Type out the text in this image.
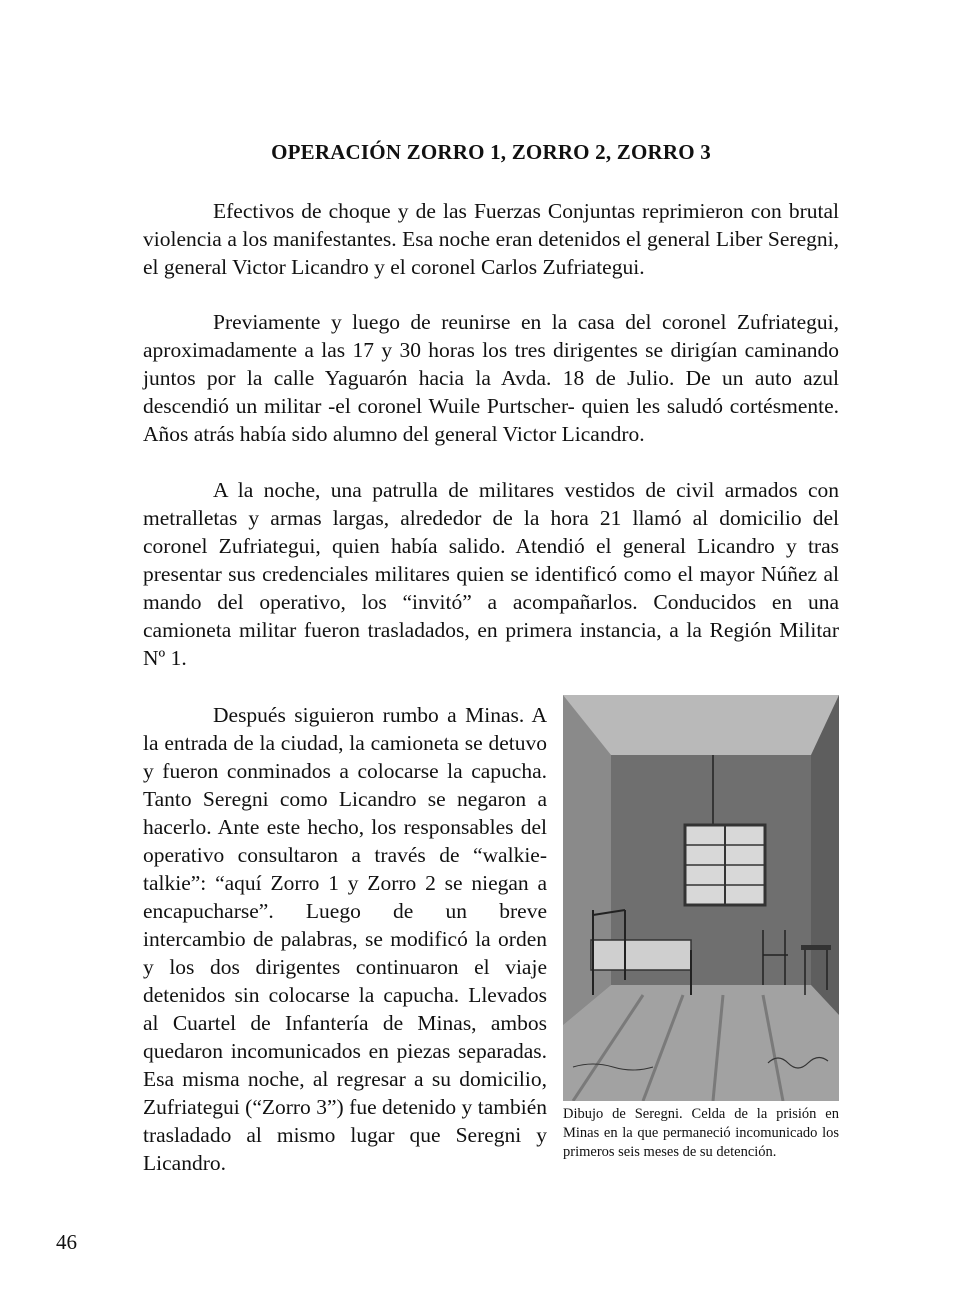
OPERACIÓN ZORRO 1, ZORRO 2, ZORRO 3

Efectivos de choque y de las Fuerzas Conjuntas reprimieron con brutal violencia a los manifestantes. Esa noche eran detenidos el general Liber Seregni, el general Victor Licandro y el coronel Carlos Zufriategui.

Previamente y luego de reunirse en la casa del coronel Zufriategui, aproximadamente a las 17 y 30 horas los tres dirigentes se dirigían caminando juntos por la calle Yaguarón hacia la Avda. 18 de Julio. De un auto azul descendió un militar -el coronel Wuile Purtscher- quien les saludó cortésmente. Años atrás había sido alumno del general Victor Licandro.

A la noche, una patrulla de militares vestidos de civil armados con metralletas y armas largas, alrededor de la hora 21 llamó al domicilio del coronel Zufriategui, quien había salido. Atendió el general Licandro y tras presentar sus credenciales militares quien se identificó como el mayor Núñez al mando del operativo, los “invitó” a acompañarlos. Conducidos en una camioneta militar fueron trasladados, en primera instancia, a la Región Militar Nº 1.

Después siguieron rumbo a Minas. A la entrada de la ciudad, la camioneta se detuvo y fueron conminados a colocarse la capucha. Tanto Seregni como Licandro se negaron a hacerlo. Ante este hecho, los responsables del operativo consultaron a través de “walkie-talkie”: “aquí Zorro 1 y Zorro 2 se niegan a encapucharse”. Luego de un breve intercambio de palabras, se modificó la orden y los dos dirigentes continuaron el viaje detenidos sin colocarse la capucha. Llevados al Cuartel de Infantería de Minas, ambos quedaron incomunicados en piezas separadas. Esa misma noche, al regresar a su domicilio, Zufriategui (“Zorro 3”) fue detenido y también trasladado al mismo lugar que Seregni y Licandro.

Dibujo de Seregni. Celda de la prisión en Minas en la que permaneció incomunicado los primeros seis meses de su detención.
46
